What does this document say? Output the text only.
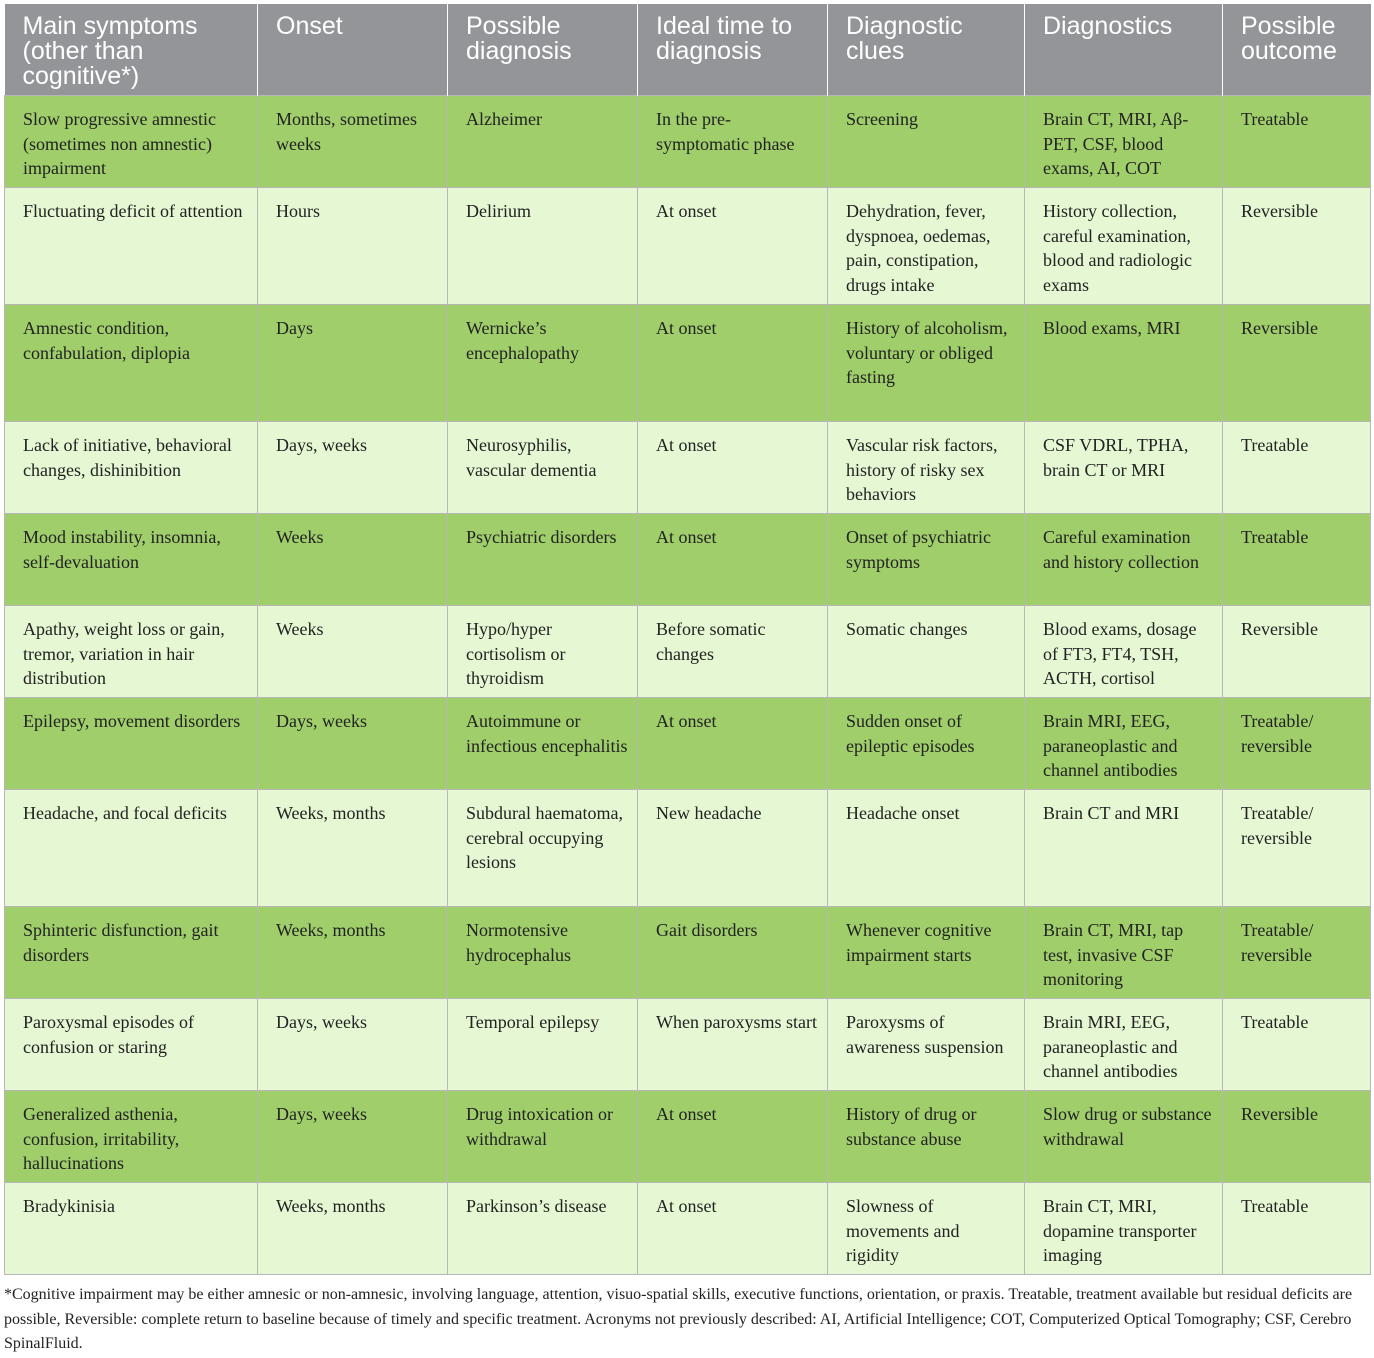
Main symptoms (other than cognitive*)	Onset	Possible diagnosis	Ideal time to diagnosis	Diagnostic clues	Diagnostics	Possible outcome
Slow progressive amnestic (sometimes non amnestic) impairment	Months, sometimes weeks	Alzheimer	In the pre-symptomatic phase	Screening	Brain CT, MRI, Aβ-PET, CSF, blood exams, AI, COT	Treatable
Fluctuating deficit of attention	Hours	Delirium	At onset	Dehydration, fever, dyspnoea, oedemas, pain, constipation, drugs intake	History collection, careful examination, blood and radiologic exams	Reversible
Amnestic condition, confabulation, diplopia	Days	Wernicke’s encephalopathy	At onset	History of alcoholism, voluntary or obliged fasting	Blood exams, MRI	Reversible
Lack of initiative, behavioral changes, dishinibition	Days, weeks	Neurosyphilis, vascular dementia	At onset	Vascular risk factors, history of risky sex behaviors	CSF VDRL, TPHA, brain CT or MRI	Treatable
Mood instability, insomnia, self-devaluation	Weeks	Psychiatric disorders	At onset	Onset of psychiatric symptoms	Careful examination and history collection	Treatable
Apathy, weight loss or gain, tremor, variation in hair distribution	Weeks	Hypo/hyper cortisolism or thyroidism	Before somatic changes	Somatic changes	Blood exams, dosage of FT3, FT4, TSH, ACTH, cortisol	Reversible
Epilepsy, movement disorders	Days, weeks	Autoimmune or infectious encephalitis	At onset	Sudden onset of epileptic episodes	Brain MRI, EEG, paraneoplastic and channel antibodies	Treatable/ reversible
Headache, and focal deficits	Weeks, months	Subdural haematoma, cerebral occupying lesions	New headache	Headache onset	Brain CT and MRI	Treatable/ reversible
Sphinteric disfunction, gait disorders	Weeks, months	Normotensive hydrocephalus	Gait disorders	Whenever cognitive impairment starts	Brain CT, MRI, tap test, invasive CSF monitoring	Treatable/ reversible
Paroxysmal episodes of confusion or staring	Days, weeks	Temporal epilepsy	When paroxysms start	Paroxysms of awareness suspension	Brain MRI, EEG, paraneoplastic and channel antibodies	Treatable
Generalized asthenia, confusion, irritability, hallucinations	Days, weeks	Drug intoxication or withdrawal	At onset	History of drug or substance abuse	Slow drug or substance withdrawal	Reversible
Bradykinisia	Weeks, months	Parkinson’s disease	At onset	Slowness of movements and rigidity	Brain CT, MRI, dopamine transporter imaging	Treatable

*Cognitive impairment may be either amnesic or non-amnesic, involving language, attention, visuo-spatial skills, executive functions, orientation, or praxis. Treatable, treatment available but residual deficits are possible, Reversible: complete return to baseline because of timely and specific treatment. Acronyms not previously described: AI, Artificial Intelligence; COT, Computerized Optical Tomography; CSF, Cerebro SpinalFluid.
